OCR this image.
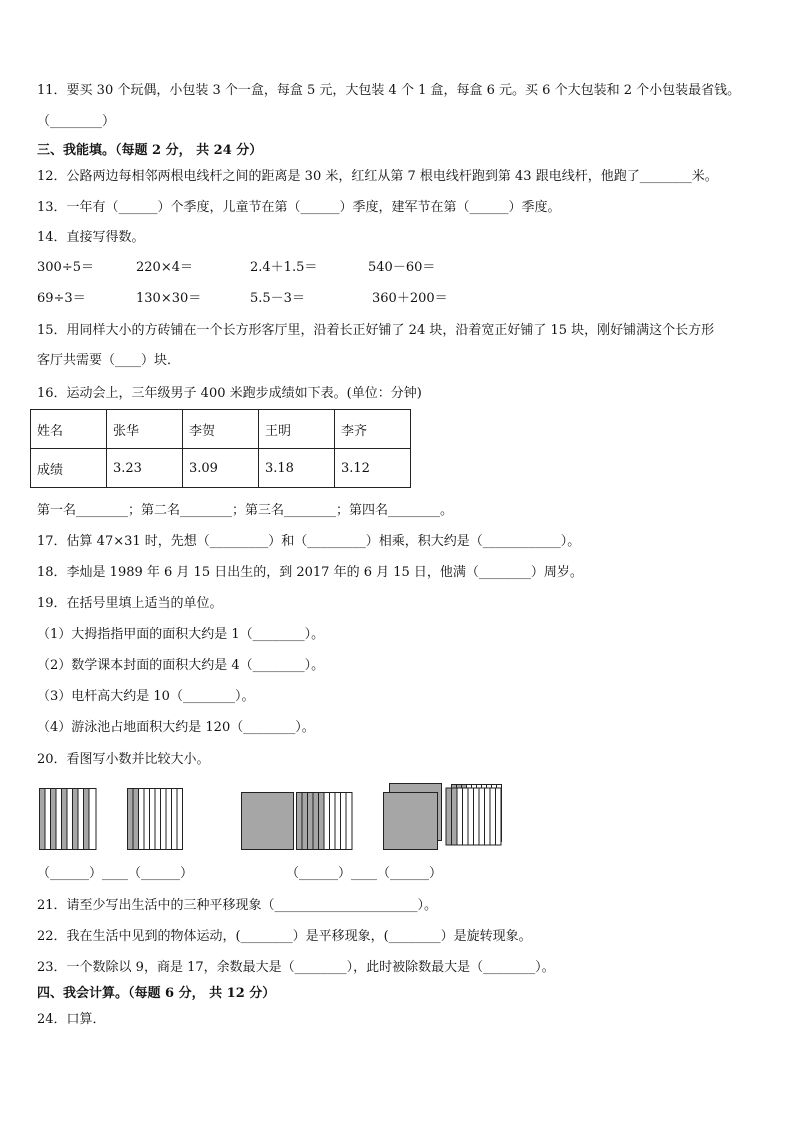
11．要买 30 个玩偶，小包装 3 个一盒，每盒 5 元，大包装 4 个 1 盒，每盒 6 元。买 6 个大包装和 2 个小包装最省钱。
（________）
三、我能填。（每题 2 分， 共 24 分）
12．公路两边每相邻两根电线杆之间的距离是 30 米，红红从第 7 根电线杆跑到第 43 跟电线杆，他跑了________米。
13．一年有（______）个季度，儿童节在第（______）季度，建军节在第（______）季度。
14．直接写得数。
300÷5＝	220×4＝	2.4＋1.5＝	540－60＝
69÷3＝	130×30＝	5.5－3＝	360＋200＝
15．用同样大小的方砖铺在一个长方形客厅里，沿着长正好铺了 24 块，沿着宽正好铺了 15 块，刚好铺满这个长方形
客厅共需要（____）块．
16．运动会上，三年级男子 400 米跑步成绩如下表。(单位：分钟)
姓名	张华	李贺	王明	李齐
成绩	3.23	3.09	3.18	3.12
第一名________；第二名________；第三名________；第四名________。
17．估算 47×31 时，先想（_________）和（_________）相乘，积大约是（____________）。
18．李灿是 1989 年 6 月 15 日出生的，到 2017 年的 6 月 15 日，他满（________）周岁。
19．在括号里填上适当的单位。
（1）大拇指指甲面的面积大约是 1（________）。
（2）数学课本封面的面积大约是 4（________）。
（3）电杆高大约是 10（________）。
（4）游泳池占地面积大约是 120（________）。
20．看图写小数并比较大小。
（______）____（______）	（______）____（______）
21．请至少写出生活中的三种平移现象（______________________）。
22．我在生活中见到的物体运动，(________）是平移现象，(________）是旋转现象。
23．一个数除以 9，商是 17，余数最大是（________），此时被除数最大是（________）。
四、我会计算。（每题 6 分， 共 12 分）
24．口算．
